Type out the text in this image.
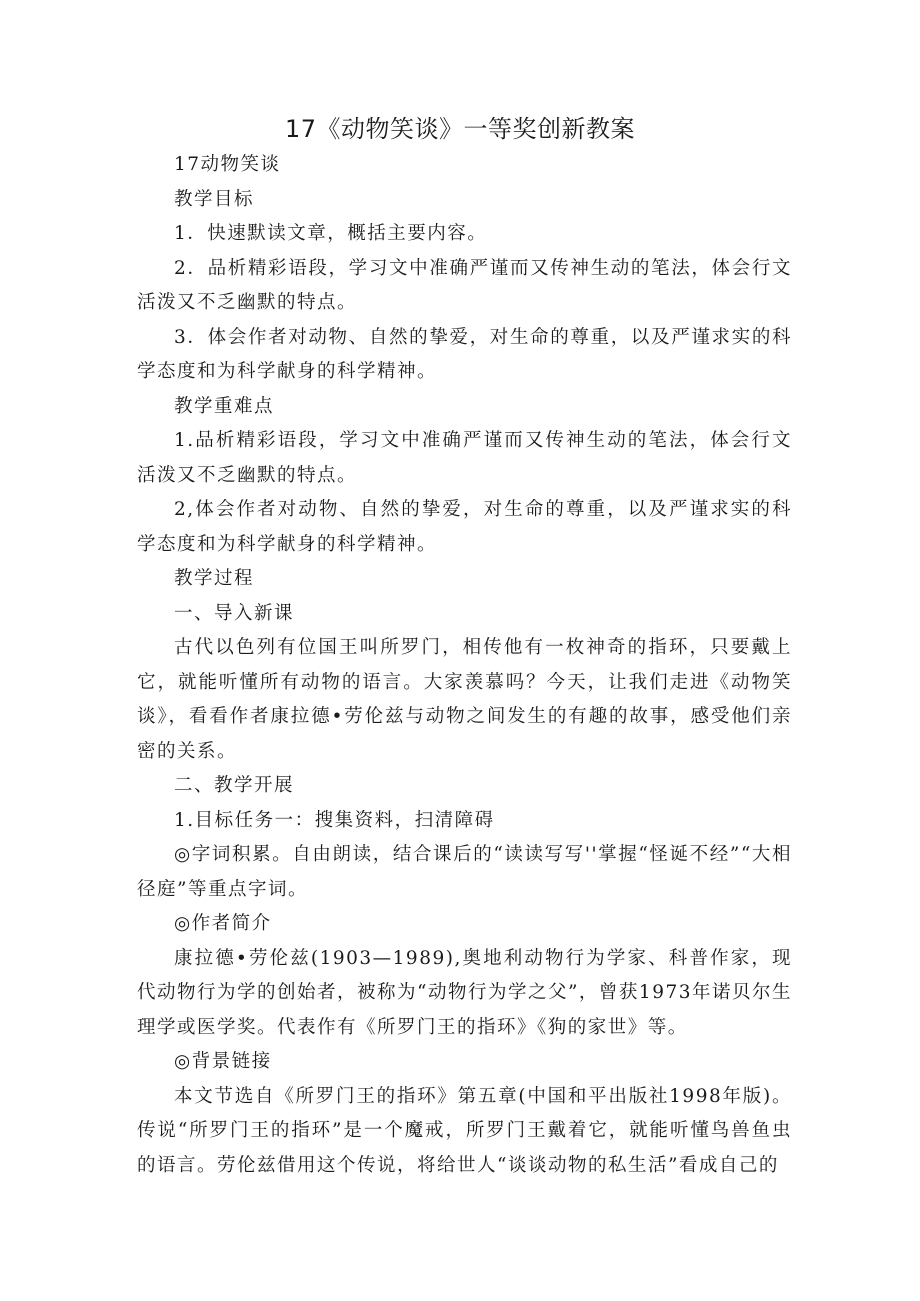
17《动物笑谈》一等奖创新教案

17动物笑谈

教学目标

1．快速默读文章，概括主要内容。

2．品析精彩语段，学习文中准确严谨而又传神生动的笔法，体会行文活泼又不乏幽默的特点。

3．体会作者对动物、自然的挚爱，对生命的尊重，以及严谨求实的科学态度和为科学献身的科学精神。

教学重难点

1.品析精彩语段，学习文中准确严谨而又传神生动的笔法，体会行文活泼又不乏幽默的特点。

2,体会作者对动物、自然的挚爱，对生命的尊重，以及严谨求实的科学态度和为科学献身的科学精神。

教学过程

一、导入新课

古代以色列有位国王叫所罗门，相传他有一枚神奇的指环，只要戴上它，就能听懂所有动物的语言。大家羡慕吗？今天，让我们走进《动物笑谈》，看看作者康拉德•劳伦兹与动物之间发生的有趣的故事，感受他们亲密的关系。

二、教学开展

1.目标任务一：搜集资料，扫清障碍

◎字词积累。自由朗读，结合课后的“读读写写''掌握“怪诞不经”“大相径庭”等重点字词。

◎作者简介

康拉德•劳伦兹(1903—1989),奥地利动物行为学家、科普作家，现代动物行为学的创始者，被称为“动物行为学之父”，曾获1973年诺贝尔生理学或医学奖。代表作有《所罗门王的指环》《狗的家世》等。

◎背景链接

本文节选自《所罗门王的指环》第五章(中国和平出版社1998年版)。传说“所罗门王的指环”是一个魔戒，所罗门王戴着它，就能听懂鸟兽鱼虫的语言。劳伦兹借用这个传说，将给世人“谈谈动物的私生活”看成自己的
